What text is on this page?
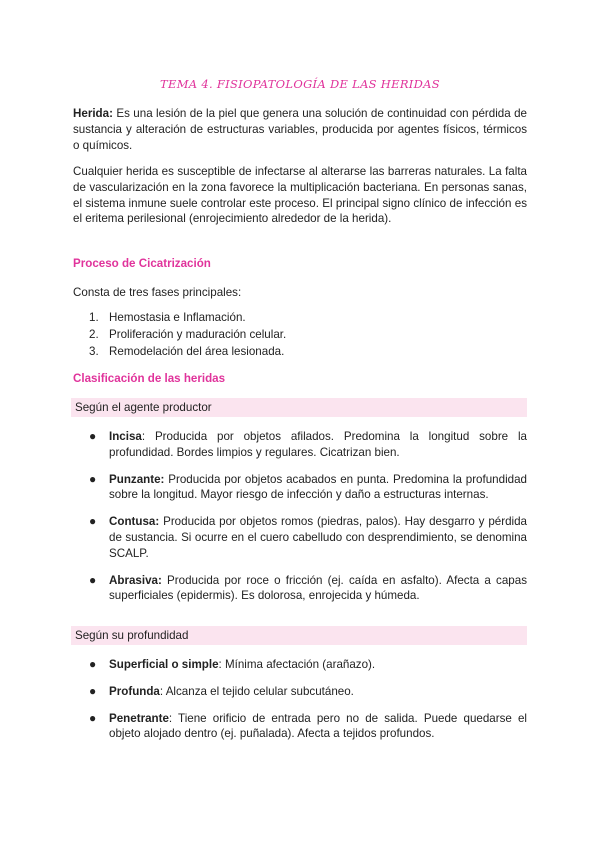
TEMA 4. FISIOPATOLOGÍA DE LAS HERIDAS

Herida: Es una lesión de la piel que genera una solución de continuidad con pérdida de sustancia y alteración de estructuras variables, producida por agentes físicos, térmicos o químicos.

Cualquier herida es susceptible de infectarse al alterarse las barreras naturales. La falta de vascularización en la zona favorece la multiplicación bacteriana. En personas sanas, el sistema inmune suele controlar este proceso. El principal signo clínico de infección es el eritema perilesional (enrojecimiento alrededor de la herida).

Proceso de Cicatrización
Consta de tres fases principales:
1. Hemostasia e Inflamación.
2. Proliferación y maduración celular.
3. Remodelación del área lesionada.
Clasificación de las heridas
Según el agente productor
● Incisa: Producida por objetos afilados. Predomina la longitud sobre la profundidad. Bordes limpios y regulares. Cicatrizan bien.
● Punzante: Producida por objetos acabados en punta. Predomina la profundidad sobre la longitud. Mayor riesgo de infección y daño a estructuras internas.
● Contusa: Producida por objetos romos (piedras, palos). Hay desgarro y pérdida de sustancia. Si ocurre en el cuero cabelludo con desprendimiento, se denomina SCALP.
● Abrasiva: Producida por roce o fricción (ej. caída en asfalto). Afecta a capas superficiales (epidermis). Es dolorosa, enrojecida y húmeda.
Según su profundidad
● Superficial o simple: Mínima afectación (arañazo).
● Profunda: Alcanza el tejido celular subcutáneo.
● Penetrante: Tiene orificio de entrada pero no de salida. Puede quedarse el objeto alojado dentro (ej. puñalada). Afecta a tejidos profundos.
